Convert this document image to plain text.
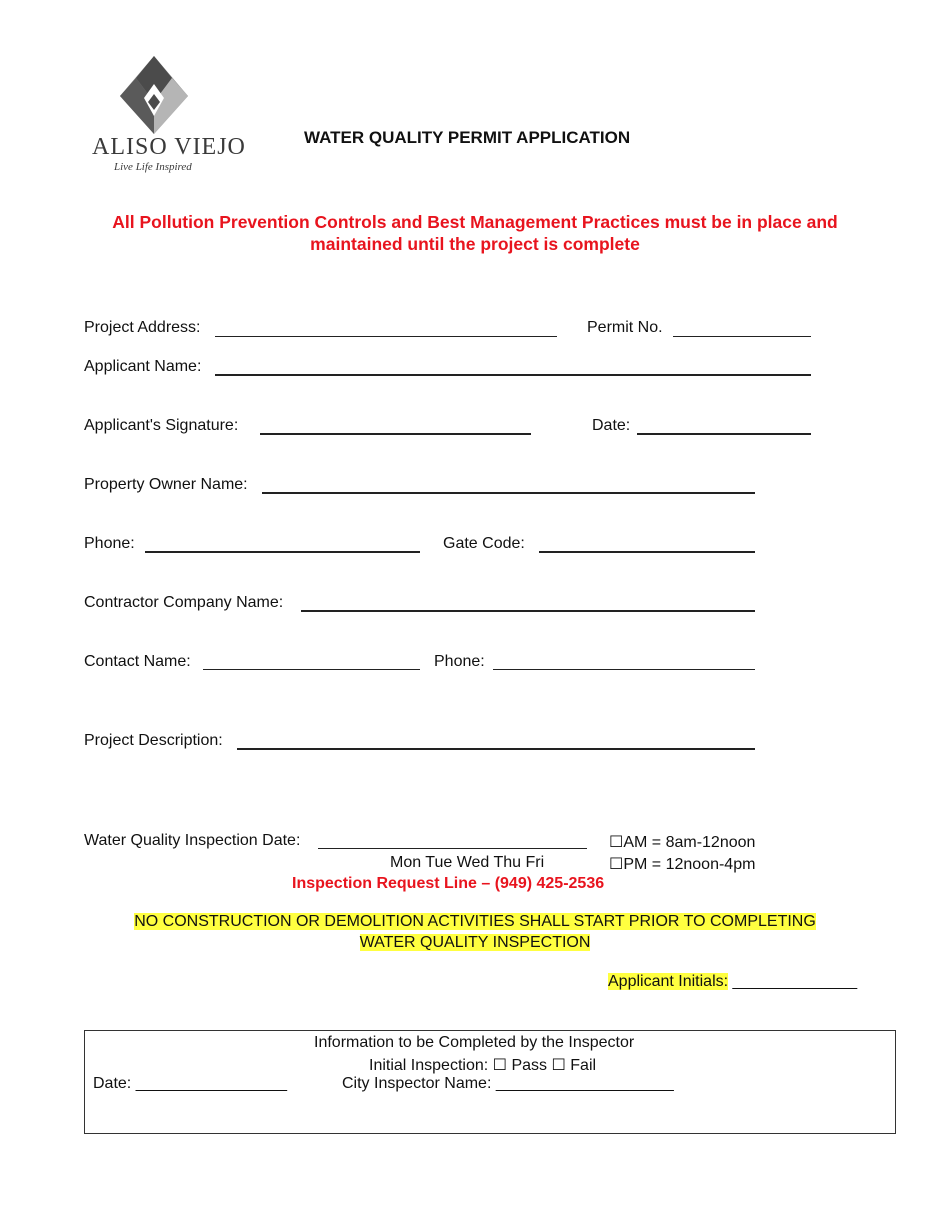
ALISO VIEJO
Live Life Inspired
WATER QUALITY PERMIT APPLICATION
All Pollution Prevention Controls and Best Management Practices must be in place and
maintained until the project is complete
Project Address:	Permit No.
Applicant Name:
Applicant's Signature:	Date:
Property Owner Name:
Phone:	Gate Code:
Contractor Company Name:
Contact Name:	Phone:
Project Description:
Water Quality Inspection Date:
Mon Tue Wed Thu Fri
☐AM = 8am-12noon
☐PM = 12noon-4pm
Inspection Request Line – (949) 425-2536
NO CONSTRUCTION OR DEMOLITION ACTIVITIES SHALL START PRIOR TO COMPLETING
WATER QUALITY INSPECTION
Applicant Initials: ______________
Information to be Completed by the Inspector
Initial Inspection: ☐ Pass ☐ Fail
Date: _________________	City Inspector Name: ____________________
